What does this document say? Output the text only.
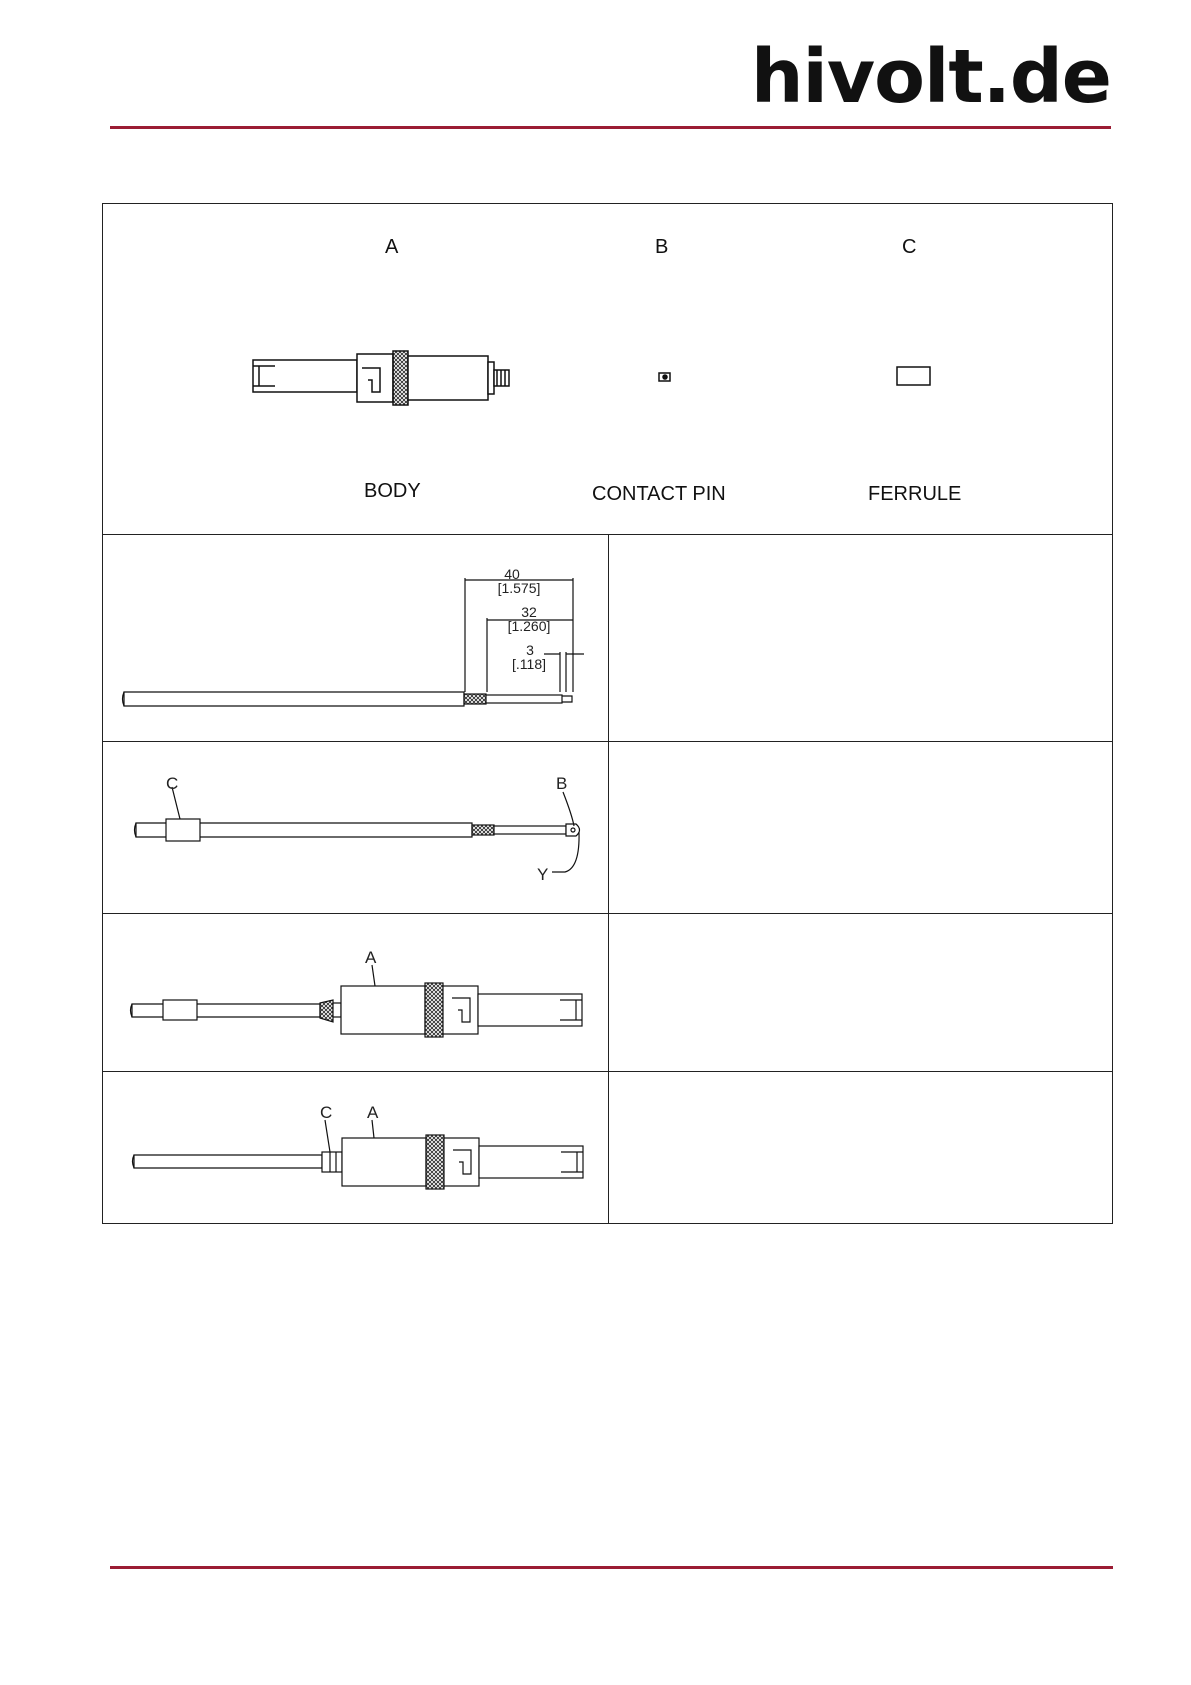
hivolt.de
A	B	C
BODY	CONTACT PIN	FERRULE
40
[1.575]
32
[1.260]
3
[.118]
C	B
Y
A
C A
